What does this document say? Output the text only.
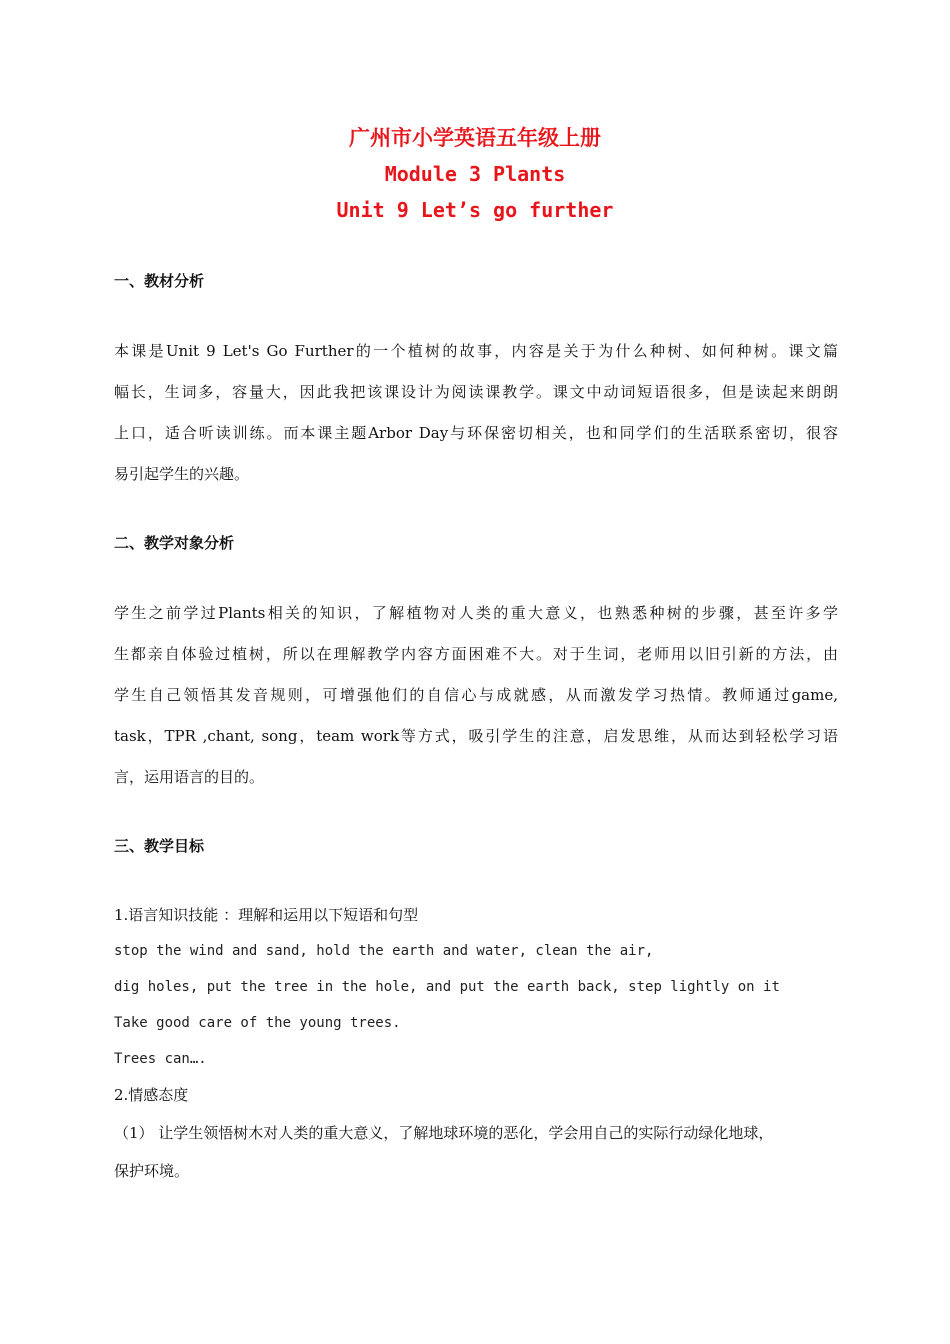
广州市小学英语五年级上册
Module 3 Plants
Unit 9 Let’s go further
一、教材分析
本课是Unit 9 Let's Go Further的一个植树的故事，内容是关于为什么种树、如何种树。课文篇
幅长，生词多，容量大，因此我把该课设计为阅读课教学。课文中动词短语很多，但是读起来朗朗
上口，适合听读训练。而本课主题Arbor Day与环保密切相关，也和同学们的生活联系密切，很容
易引起学生的兴趣。
二、教学对象分析
学生之前学过Plants相关的知识，了解植物对人类的重大意义，也熟悉种树的步骤，甚至许多学
生都亲自体验过植树，所以在理解教学内容方面困难不大。对于生词，老师用以旧引新的方法，由
学生自己领悟其发音规则，可增强他们的自信心与成就感，从而激发学习热情。教师通过game,
task，TPR ,chant, song，team work等方式，吸引学生的注意，启发思维，从而达到轻松学习语
言，运用语言的目的。
三、教学目标
1.语言知识技能 ：理解和运用以下短语和句型
stop the wind and sand, hold the earth and water, clean the air,
dig holes, put the tree in the hole, and put the earth back, step lightly on it
Take good care of the young trees.
Trees can….
2.情感态度
（1） 让学生领悟树木对人类的重大意义，了解地球环境的恶化，学会用自己的实际行动绿化地球，
保护环境。
